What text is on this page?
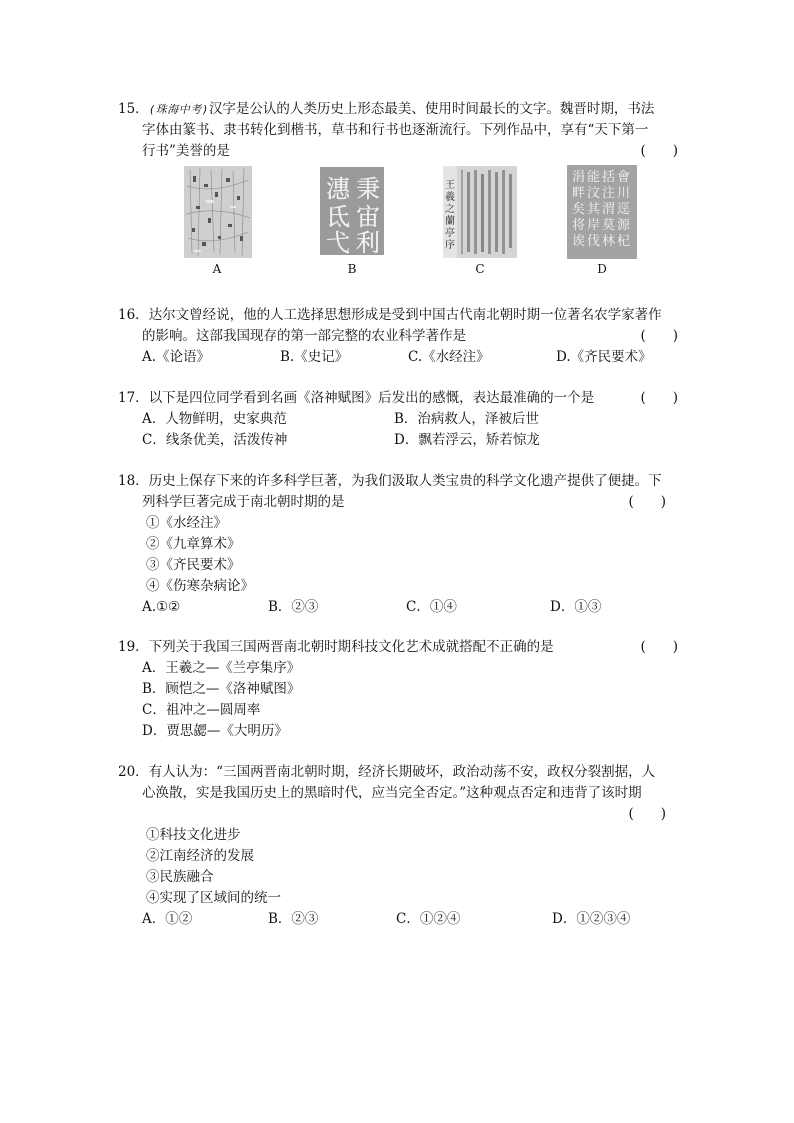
15．(珠海中考)汉字是公认的人类历史上形态最美、使用时间最长的文字。魏晋时期，书法
字体由篆书、隶书转化到楷书，草书和行书也逐渐流行。下列作品中，享有“天下第一
行书”美誉的是	(　　)
A
秉
宙
利
潓
氐
弋
B
王
羲
之
蘭
亭
序
C
會
川
逕
源
括
注
渭
莫
能
汶
其
岸
涓
畔
矣
将
诶 伐 林 杞
D
16．达尔文曾经说，他的人工选择思想形成是受到中国古代南北朝时期一位著名农学家著作
的影响。这部我国现存的第一部完整的农业科学著作是	(　　)
A.《论语》	B.《史记》	C.《水经注》	D.《齐民要术》
17．以下是四位同学看到名画《洛神赋图》后发出的感慨，表达最准确的一个是	(　　)
A．人物鲜明，史家典范	B．治病救人，泽被后世
C．线条优美，活泼传神	D．飘若浮云，矫若惊龙
18．历史上保存下来的许多科学巨著，为我们汲取人类宝贵的科学文化遗产提供了便捷。下
列科学巨著完成于南北朝时期的是	(　　)
①《水经注》
②《九章算术》
③《齐民要术》
④《伤寒杂病论》
A.①②	B．②③	C．①④	D．①③
19．下列关于我国三国两晋南北朝时期科技文化艺术成就搭配不正确的是	(　　)
A．王羲之—《兰亭集序》
B．顾恺之—《洛神赋图》
C．祖冲之—圆周率
D．贾思勰—《大明历》
20．有人认为：“三国两晋南北朝时期，经济长期破坏，政治动荡不安，政权分裂割据，人
心涣散，实是我国历史上的黑暗时代，应当完全否定。”这种观点否定和违背了该时期
(　　)
①科技文化进步
②江南经济的发展
③民族融合
④实现了区域间的统一
A．①②	B．②③	C．①②④	D．①②③④
